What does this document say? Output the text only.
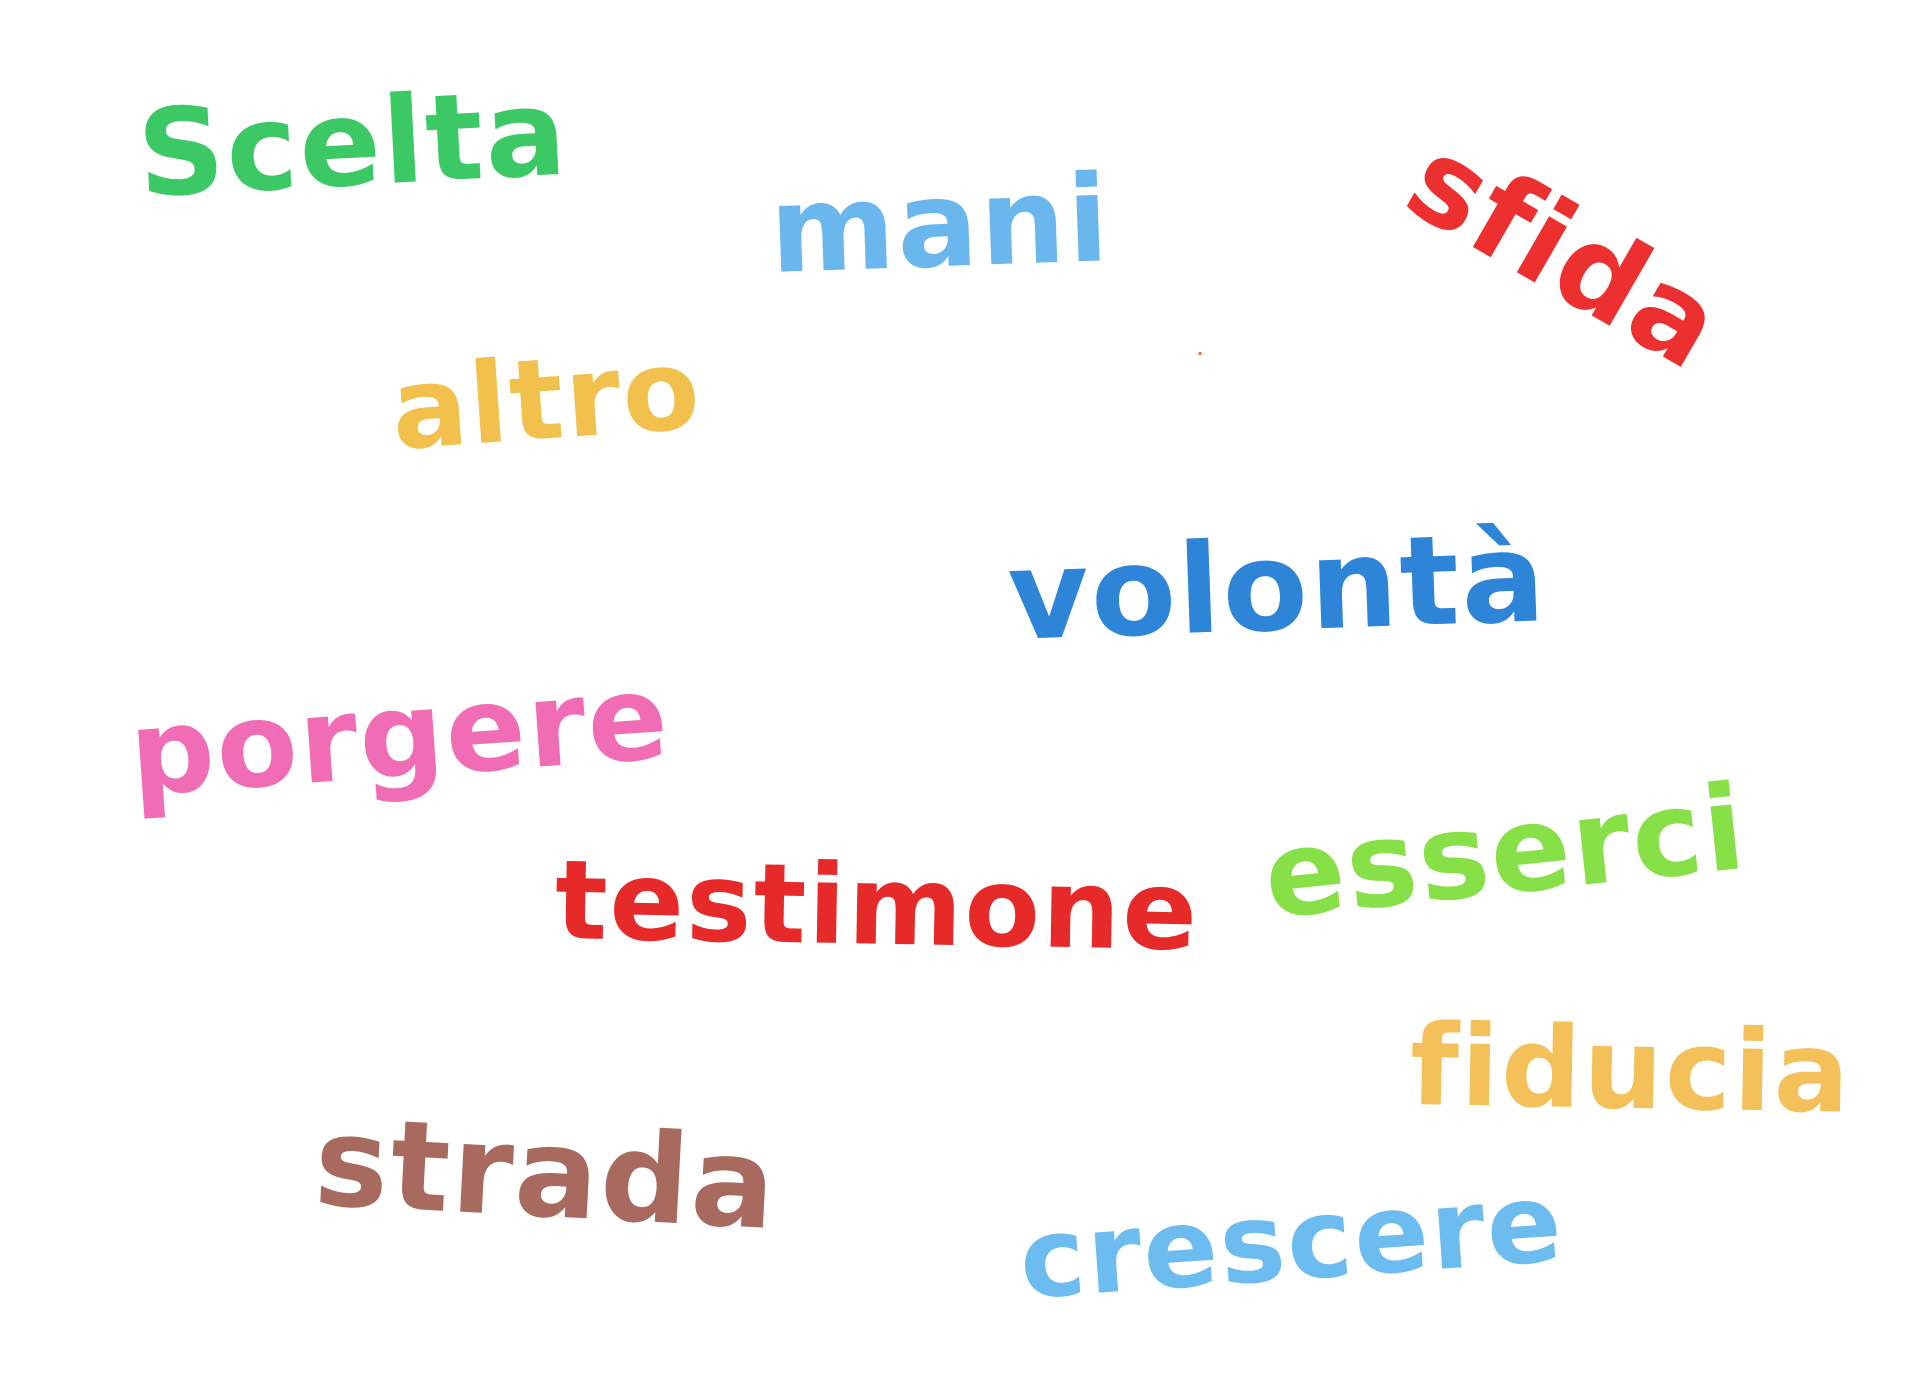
Scelta

mani sfida

altro

volontà

porgere

testimone esserci

fiducia

strada crescere
